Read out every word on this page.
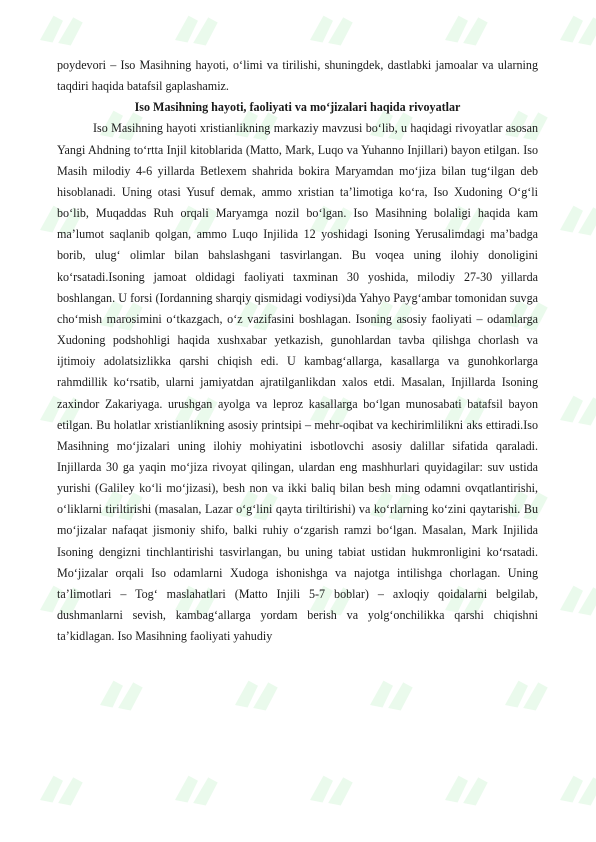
poydevori – Iso Masihning hayoti, oʻlimi va tirilishi, shuningdek, dastlabki jamoalar va ularning taqdiri haqida batafsil gaplashamiz.

Iso Masihning hayoti, faoliyati va moʻjizalari haqida rivoyatlar

Iso Masihning hayoti xristianlikning markaziy mavzusi boʻlib, u haqidagi rivoyatlar asosan Yangi Ahdning toʻrtta Injil kitoblarida (Matto, Mark, Luqo va Yuhanno Injillari) bayon etilgan. Iso Masih milodiy 4-6 yillarda Betlexem shahrida bokira Maryamdan moʻjiza bilan tugʻilgan deb hisoblanadi. Uning otasi Yusuf demak, ammo xristian taʼlimotiga koʻra, Iso Xudoning Oʻgʻli boʻlib, Muqaddas Ruh orqali Maryamga nozil boʻlgan. Iso Masihning bolaligi haqida kam maʼlumot saqlanib qolgan, ammo Luqo Injilida 12 yoshidagi Isoning Yerusalimdagi maʼbadga borib, ulugʻ olimlar bilan bahslashgani tasvirlangan. Bu voqea uning ilohiy donoligini koʻrsatadi.Isoning jamoat oldidagi faoliyati taxminan 30 yoshida, milodiy 27-30 yillarda boshlangan. U forsi (Iordanning sharqiy qismidagi vodiysi)da Yahyo Paygʻambar tomonidan suvga choʻmish marosimini oʻtkazgach, oʻz vazifasini boshlagan. Isoning asosiy faoliyati – odamlarga Xudoning podshohligi haqida xushxabar yetkazish, gunohlardan tavba qilishga chorlash va ijtimoiy adolatsizlikka qarshi chiqish edi. U kambagʻallarga, kasallarga va gunohkorlarga rahmdillik koʻrsatib, ularni jamiyatdan ajratilganlikdan xalos etdi. Masalan, Injillarda Isoning zaxindor Zakariyaga. urushgan ayolga va leproz kasallarga boʻlgan munosabati batafsil bayon etilgan. Bu holatlar xristianlikning asosiy printsipi – mehr-oqibat va kechirimlilikni aks ettiradi.Iso Masihning moʻjizalari uning ilohiy mohiyatini isbotlovchi asosiy dalillar sifatida qaraladi. Injillarda 30 ga yaqin moʻjiza rivoyat qilingan, ulardan eng mashhurlari quyidagilar: suv ustida yurishi (Galiley koʻli moʻjizasi), besh non va ikki baliq bilan besh ming odamni ovqatlantirishi, oʻliklarni tiriltirishi (masalan, Lazar oʻgʻlini qayta tiriltirishi) va koʻrlarning koʻzini qaytarishi. Bu moʻjizalar nafaqat jismoniy shifo, balki ruhiy oʻzgarish ramzi boʻlgan. Masalan, Mark Injilida Isoning dengizni tinchlantirishi tasvirlangan, bu uning tabiat ustidan hukmronligini koʻrsatadi. Moʻjizalar orqali Iso odamlarni Xudoga ishonishga va najotga intilishga chorlagan. Uning taʼlimotlari – Togʻ maslahatlari (Matto Injili 5-7 boblar) – axloqiy qoidalarni belgilab, dushmanlarni sevish, kambagʻallarga yordam berish va yolgʻonchilikka qarshi chiqishni taʼkidlagan. Iso Masihning faoliyati yahudiy
